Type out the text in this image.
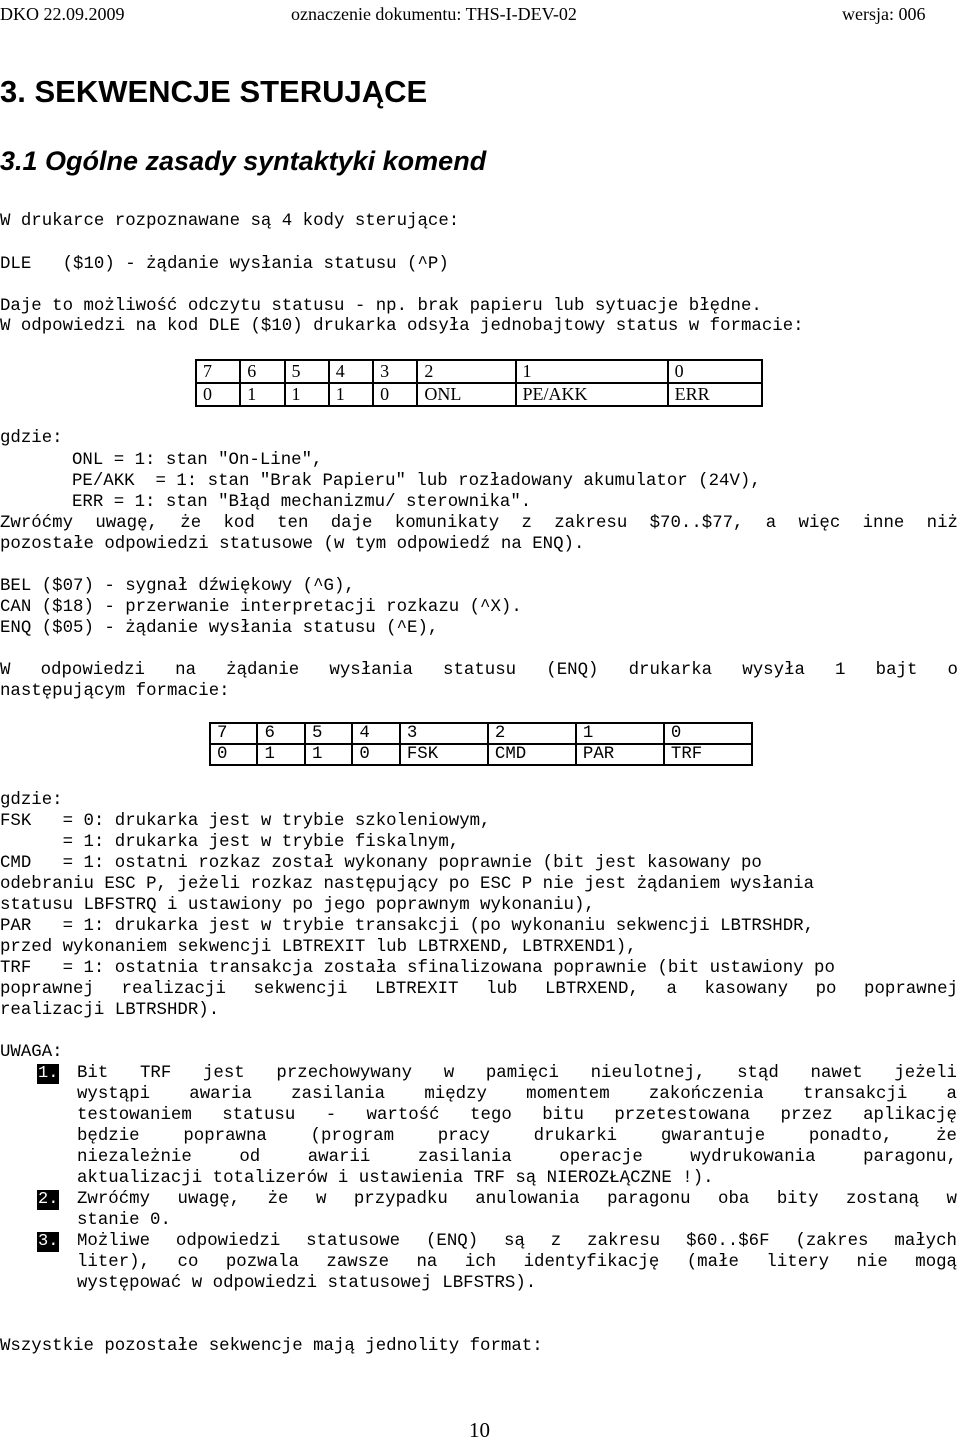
DKO 22.09.2009	oznaczenie dokumentu: THS-I-DEV-02	wersja: 006
3. SEKWENCJE STERUJĄCE
3.1 Ogólne zasady syntaktyki komend
W drukarce rozpoznawane są 4 kody sterujące:
DLE   ($10) - żądanie wysłania statusu (^P)
Daje to możliwość odczytu statusu - np. brak papieru lub sytuacje błędne.
W odpowiedzi na kod DLE ($10) drukarka odsyła jednobajtowy status w formacie:
7	6	5	4	3	2	1	0
0	1	1	1	0	ONL	PE/AKK	ERR
gdzie:
ONL = 1: stan "On-Line",
PE/AKK  = 1: stan "Brak Papieru" lub rozładowany akumulator (24V),
ERR = 1: stan "Błąd mechanizmu/ sterownika".
Zwróćmy uwagę, że kod ten daje komunikaty z zakresu $70..$77, a więc inne niż
pozostałe odpowiedzi statusowe (w tym odpowiedź na ENQ).
BEL ($07) - sygnał dźwiękowy (^G),
CAN ($18) - przerwanie interpretacji rozkazu (^X).
ENQ ($05) - żądanie wysłania statusu (^E),
W odpowiedzi na żądanie wysłania statusu (ENQ) drukarka wysyła 1 bajt o
następującym formacie:
7	6	5	4	3	2	1	0
0	1	1	0	FSK	CMD	PAR	TRF
gdzie:
FSK   = 0: drukarka jest w trybie szkoleniowym,
= 1: drukarka jest w trybie fiskalnym,
CMD   = 1: ostatni rozkaz został wykonany poprawnie (bit jest kasowany po
odebraniu ESC P, jeżeli rozkaz następujący po ESC P nie jest żądaniem wysłania
statusu LBFSTRQ i ustawiony po jego poprawnym wykonaniu),
PAR   = 1: drukarka jest w trybie transakcji (po wykonaniu sekwencji LBTRSHDR,
przed wykonaniem sekwencji LBTREXIT lub LBTRXEND, LBTRXEND1),
TRF   = 1: ostatnia transakcja została sfinalizowana poprawnie (bit ustawiony po
poprawnej realizacji sekwencji LBTREXIT lub LBTRXEND, a kasowany po poprawnej
realizacji LBTRSHDR).
UWAGA:
1. Bit TRF jest przechowywany w pamięci nieulotnej, stąd nawet jeżeli
wystąpi awaria zasilania między momentem zakończenia transakcji a
testowaniem statusu - wartość tego bitu przetestowana przez aplikację
będzie poprawna (program pracy drukarki gwarantuje ponadto, że
niezależnie od awarii zasilania operacje wydrukowania paragonu,
aktualizacji totalizerów i ustawienia TRF są NIEROZŁĄCZNE !).
2. Zwróćmy uwagę, że w przypadku anulowania paragonu oba bity zostaną w
stanie 0.
3. Możliwe odpowiedzi statusowe (ENQ) są z zakresu $60..$6F (zakres małych
liter), co pozwala zawsze na ich identyfikację (małe litery nie mogą
występować w odpowiedzi statusowej LBFSTRS).
Wszystkie pozostałe sekwencje mają jednolity format:
10
